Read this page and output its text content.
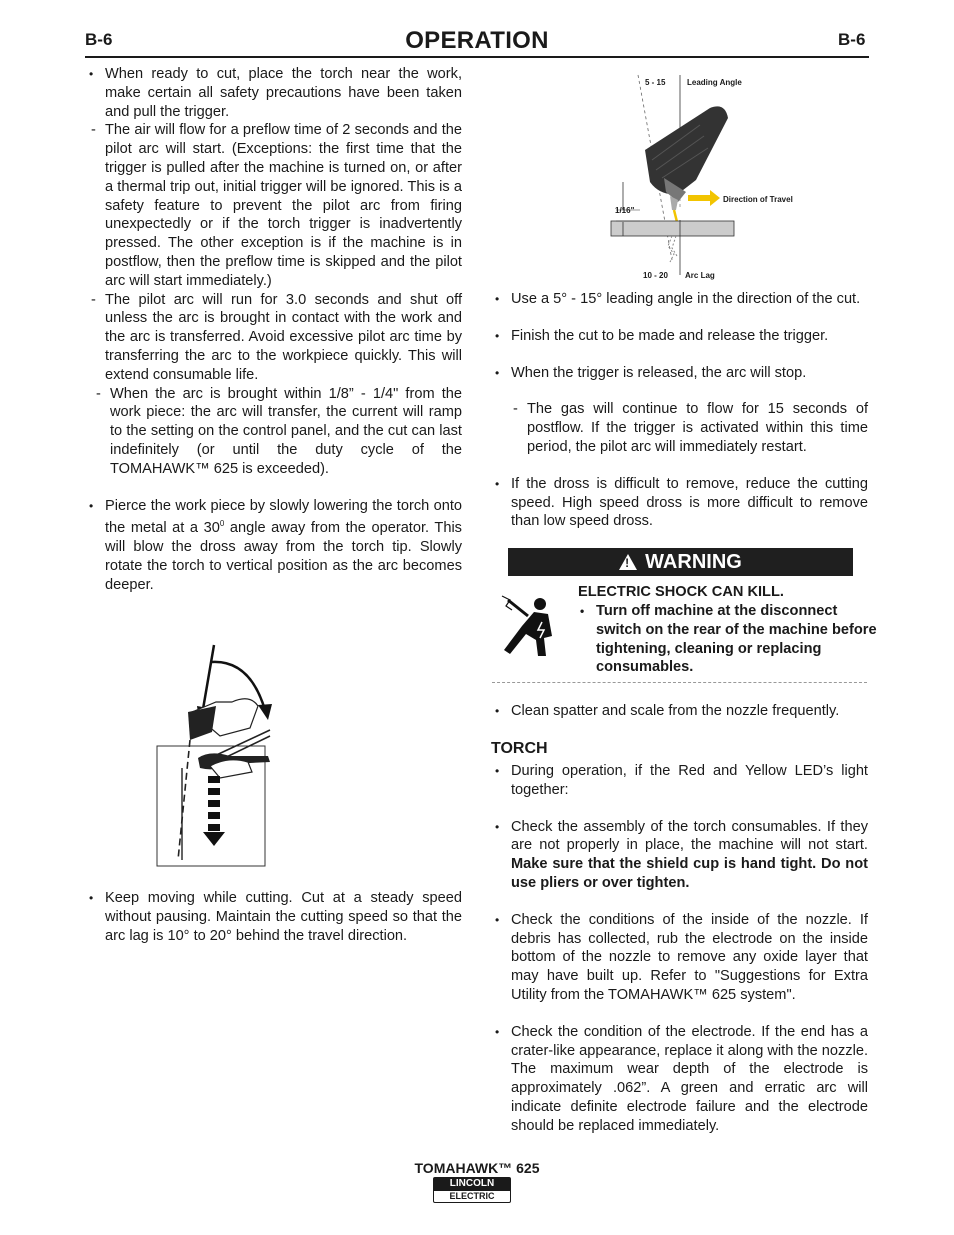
B-6	OPERATION	B-6
• When ready to cut, place the torch near the work, make certain all safety precautions have been taken and pull the trigger.
- The air will flow for a preflow time of 2 seconds and the pilot arc will start. (Exceptions: the first time that the trigger is pulled after the machine is turned on, or after a thermal trip out, initial trigger will be ignored. This is a safety feature to prevent the pilot arc from firing unexpectedly or if the torch trigger is inadvertently pressed. The other exception is if the machine is in postflow, then the preflow time is skipped and the pilot arc will start immediately.)
- The pilot arc will run for 3.0 seconds and shut off unless the arc is brought in contact with the work and the arc is transferred. Avoid excessive pilot arc time by transferring the arc to the workpiece quickly. This will extend consumable life.
- When the arc is brought within 1/8” - 1/4" from the work piece: the arc will transfer, the current will ramp to the setting on the control panel, and the cut can last indefinitely (or until the duty cycle of the TOMAHAWK™ 625 is exceeded).
• Pierce the work piece by slowly lowering the torch onto the metal at a $30^0$ angle away from the operator. This will blow the dross away from the torch tip. Slowly rotate the torch to vertical position as the arc becomes deeper.
• Keep moving while cutting. Cut at a steady speed without pausing. Maintain the cutting speed so that the arc lag is 10° to 20° behind the travel direction.
5 - 15	Leading Angle
Direction of Travel
1/16"
10 - 20 Arc Lag
• Use a 5° - 15° leading angle in the direction of the cut.
• Finish the cut to be made and release the trigger.
• When the trigger is released, the arc will stop.
- The gas will continue to flow for 15 seconds of postflow. If the trigger is activated within this time period, the pilot arc will immediately restart.
• If the dross is difficult to remove, reduce the cutting speed. High speed dross is more difficult to remove than low speed dross.
! WARNING
ELECTRIC SHOCK CAN KILL.
• Turn off machine at the disconnect switch on the rear of the machine before tightening, cleaning or replacing consumables.
• Clean spatter and scale from the nozzle frequently.
TORCH
• During operation, if the Red and Yellow LED’s light together:
• Check the assembly of the torch consumables. If they are not properly in place, the machine will not start. Make sure that the shield cup is hand tight. Do not use pliers or over tighten.
• Check the conditions of the inside of the nozzle. If debris has collected, rub the electrode on the inside bottom of the nozzle to remove any oxide layer that may have built up. Refer to "Suggestions for Extra Utility from the TOMAHAWK™ 625 system".
• Check the condition of the electrode. If the end has a crater-like appearance, replace it along with the nozzle. The maximum wear depth of the electrode is approximately .062”. A green and erratic arc will indicate definite electrode failure and the electrode should be replaced immediately.
TOMAHAWK™ 625
LINCOLN
ELECTRIC
